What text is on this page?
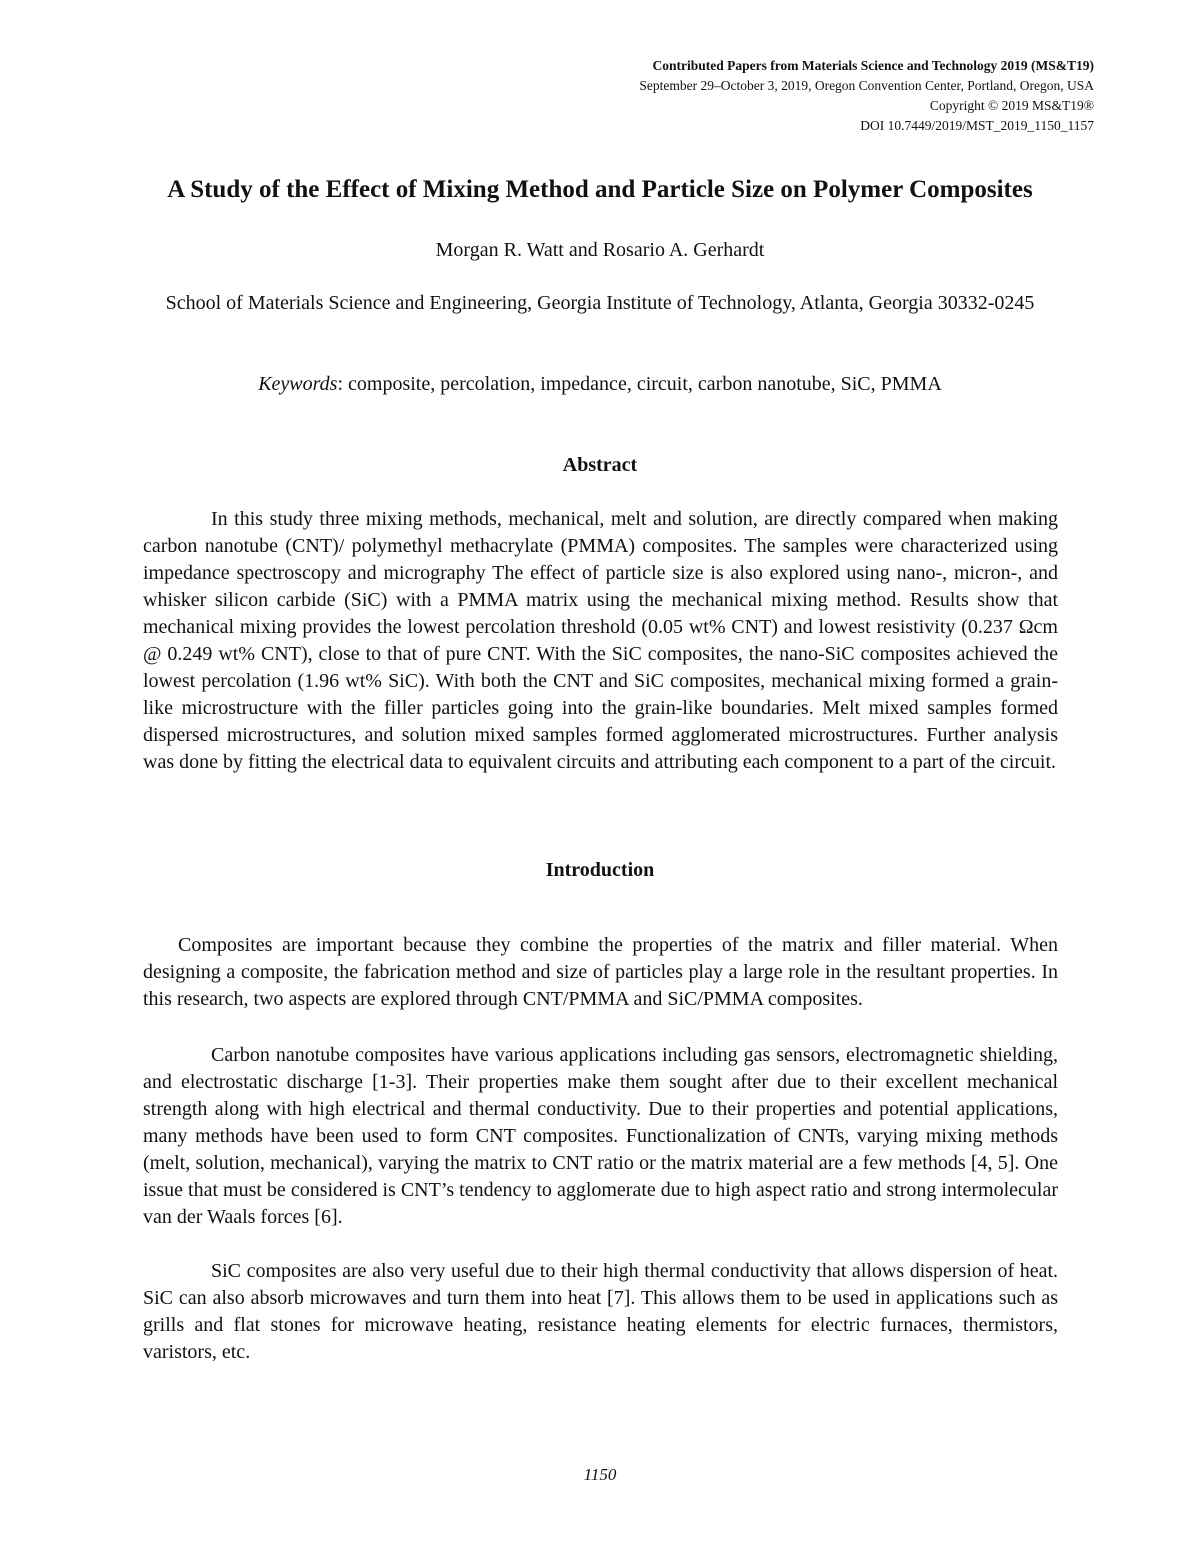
Contributed Papers from Materials Science and Technology 2019 (MS&T19)
September 29–October 3, 2019, Oregon Convention Center, Portland, Oregon, USA
Copyright © 2019 MS&T19®
DOI 10.7449/2019/MST_2019_1150_1157
A Study of the Effect of Mixing Method and Particle Size on Polymer Composites
Morgan R. Watt and Rosario A. Gerhardt
School of Materials Science and Engineering, Georgia Institute of Technology, Atlanta, Georgia 30332-0245
Keywords: composite, percolation, impedance, circuit, carbon nanotube, SiC, PMMA
Abstract

In this study three mixing methods, mechanical, melt and solution, are directly compared when making carbon nanotube (CNT)/ polymethyl methacrylate (PMMA) composites. The samples were characterized using impedance spectroscopy and micrography The effect of particle size is also explored using nano-, micron-, and whisker silicon carbide (SiC) with a PMMA matrix using the mechanical mixing method. Results show that mechanical mixing provides the lowest percolation threshold (0.05 wt% CNT) and lowest resistivity (0.237 Ωcm @ 0.249 wt% CNT), close to that of pure CNT. With the SiC composites, the nano-SiC composites achieved the lowest percolation (1.96 wt% SiC). With both the CNT and SiC composites, mechanical mixing formed a grain-like microstructure with the filler particles going into the grain-like boundaries. Melt mixed samples formed dispersed microstructures, and solution mixed samples formed agglomerated microstructures. Further analysis was done by fitting the electrical data to equivalent circuits and attributing each component to a part of the circuit.

Introduction

Composites are important because they combine the properties of the matrix and filler material. When designing a composite, the fabrication method and size of particles play a large role in the resultant properties. In this research, two aspects are explored through CNT/PMMA and SiC/PMMA composites.

Carbon nanotube composites have various applications including gas sensors, electromagnetic shielding, and electrostatic discharge [1-3]. Their properties make them sought after due to their excellent mechanical strength along with high electrical and thermal conductivity. Due to their properties and potential applications, many methods have been used to form CNT composites. Functionalization of CNTs, varying mixing methods (melt, solution, mechanical), varying the matrix to CNT ratio or the matrix material are a few methods [4, 5]. One issue that must be considered is CNT’s tendency to agglomerate due to high aspect ratio and strong intermolecular van der Waals forces [6].

SiC composites are also very useful due to their high thermal conductivity that allows dispersion of heat. SiC can also absorb microwaves and turn them into heat [7]. This allows them to be used in applications such as grills and flat stones for microwave heating, resistance heating elements for electric furnaces, thermistors, varistors, etc.

1150
